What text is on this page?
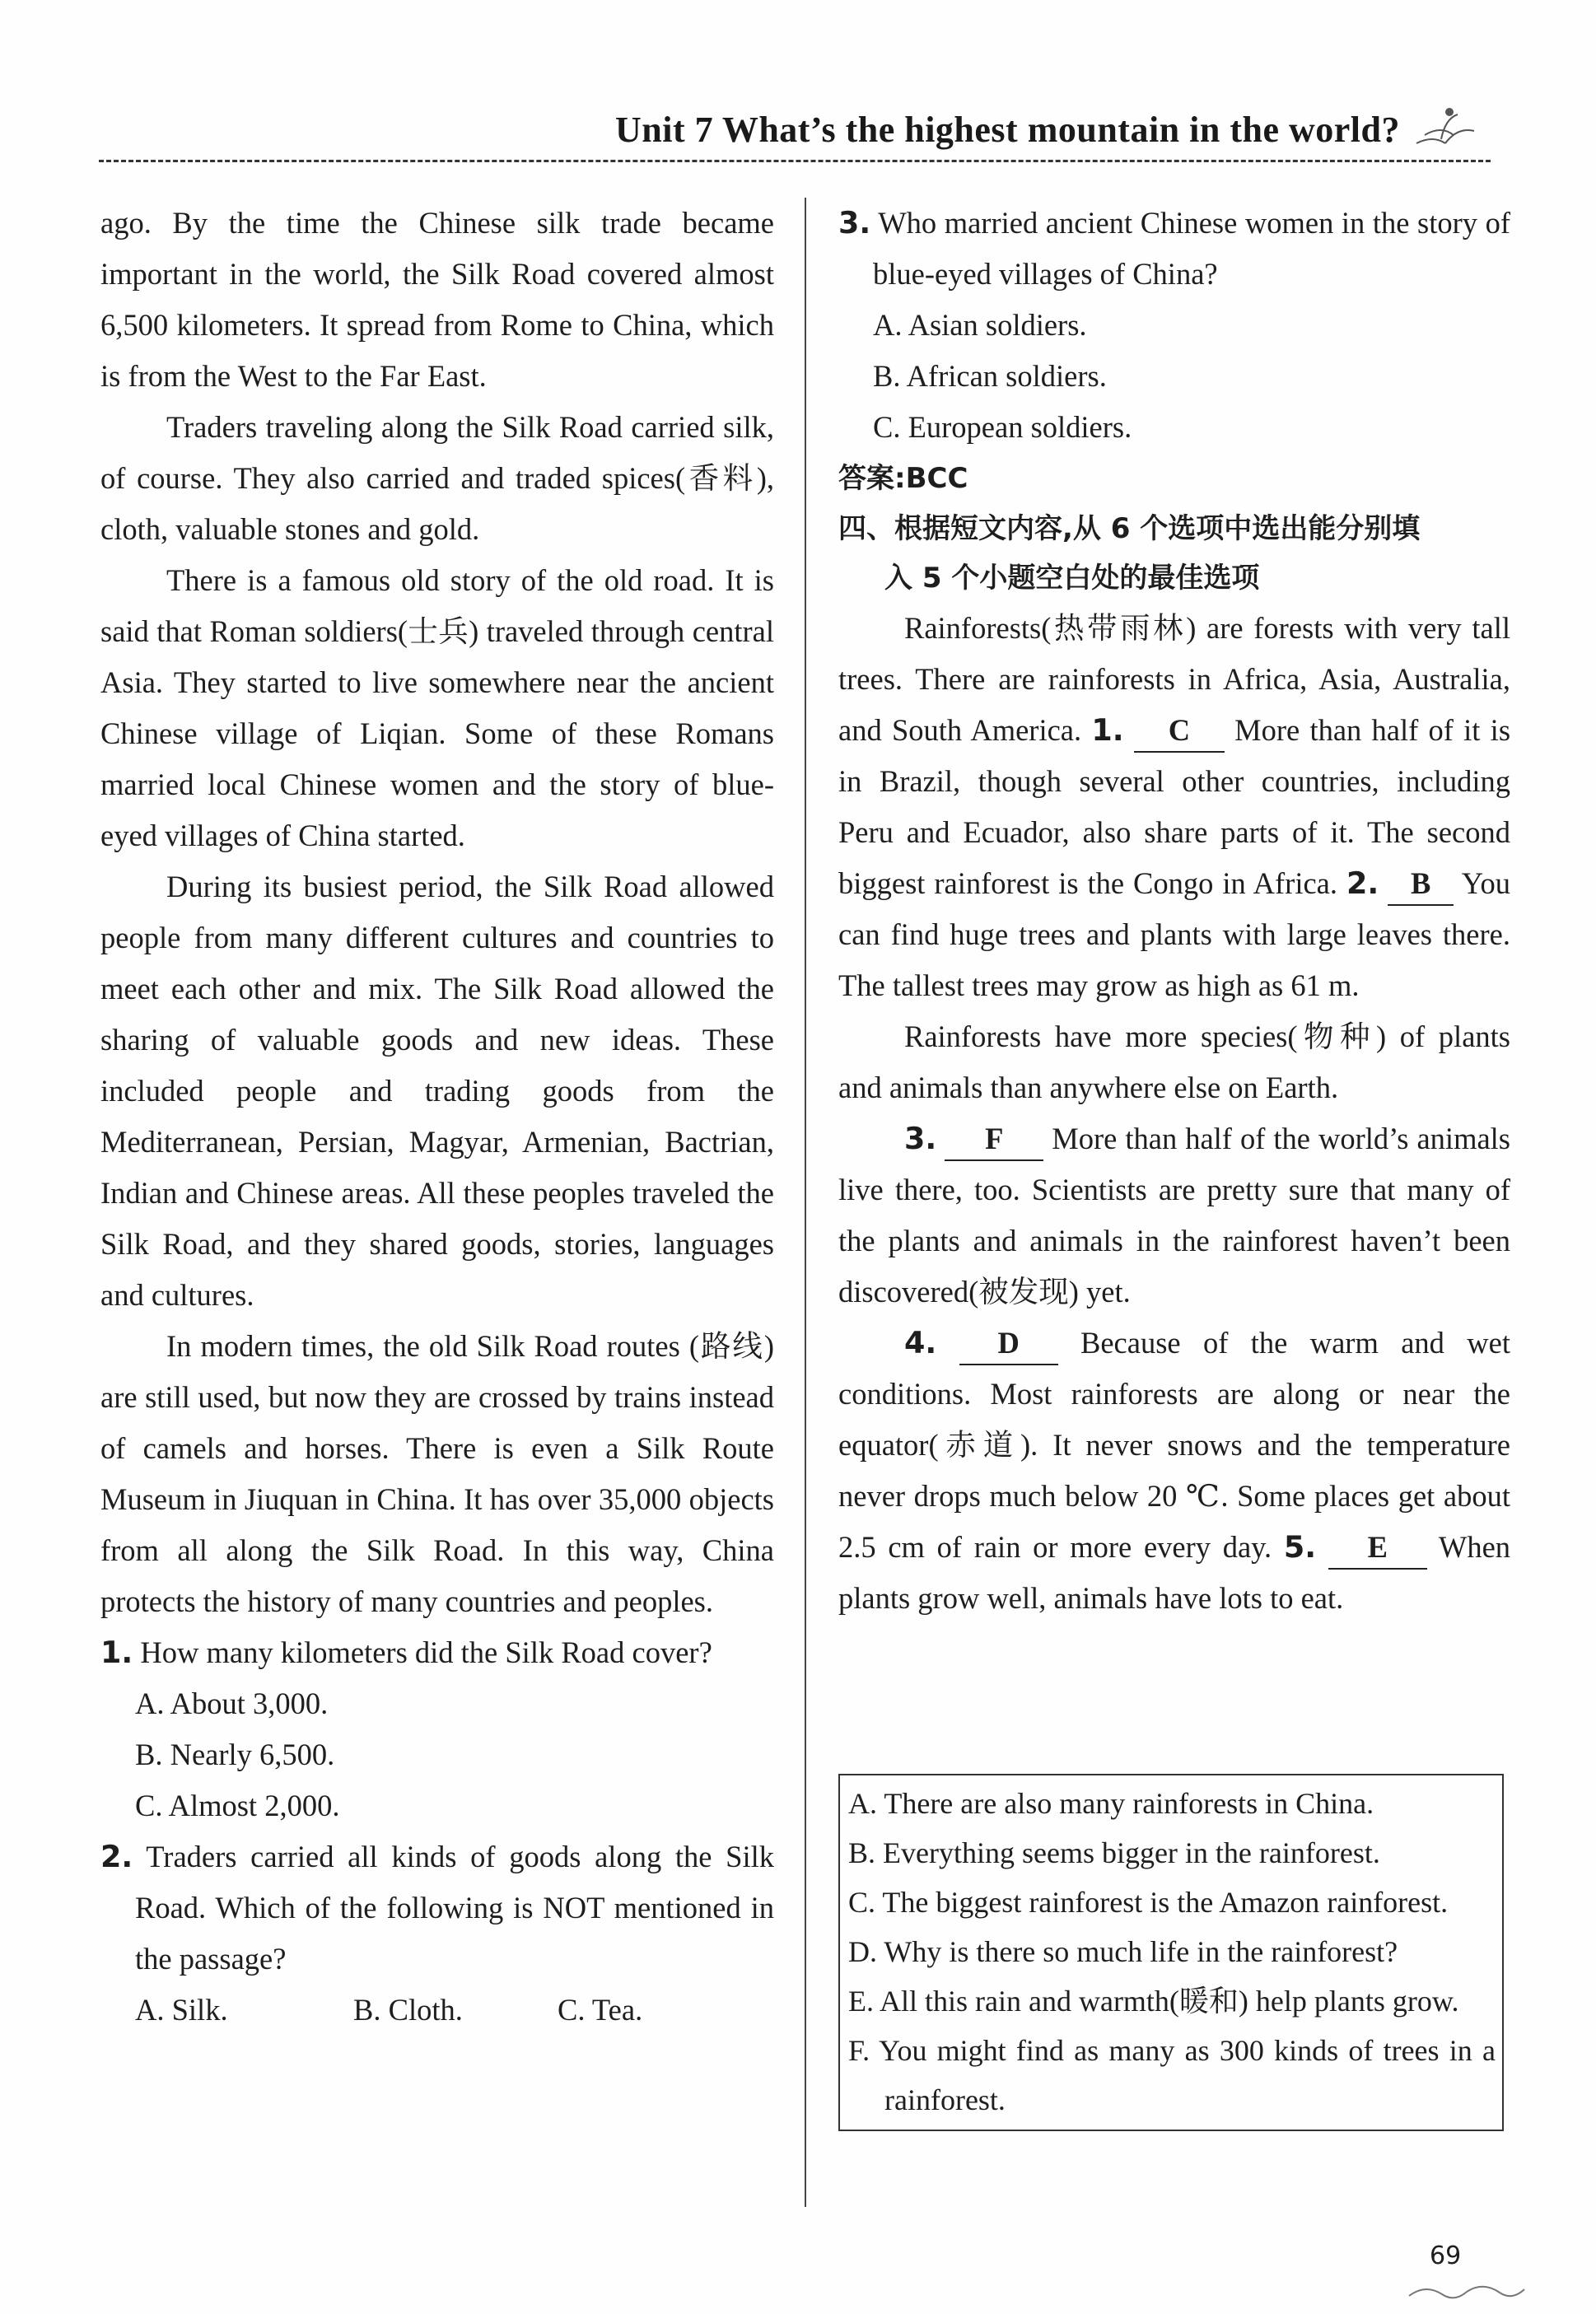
Unit 7 What’s the highest mountain in the world?

ago. By the time the Chinese silk trade became important in the world, the Silk Road covered almost 6,500 kilometers. It spread from Rome to China, which is from the West to the Far East.

Traders traveling along the Silk Road carried silk, of course. They also carried and traded spices(香料), cloth, valuable stones and gold.

There is a famous old story of the old road. It is said that Roman soldiers(士兵) traveled through central Asia. They started to live somewhere near the ancient Chinese village of Liqian. Some of these Romans married local Chinese women and the story of blue-eyed villages of China started.

During its busiest period, the Silk Road allowed people from many different cultures and countries to meet each other and mix. The Silk Road allowed the sharing of valuable goods and new ideas. These included people and trading goods from the Mediterranean, Persian, Magyar, Armenian, Bactrian, Indian and Chinese areas. All these peoples traveled the Silk Road, and they shared goods, stories, languages and cultures.

In modern times, the old Silk Road routes (路线) are still used, but now they are crossed by trains instead of camels and horses. There is even a Silk Route Museum in Jiuquan in China. It has over 35,000 objects from all along the Silk Road. In this way, China protects the history of many countries and peoples.

1. How many kilometers did the Silk Road cover?

A. About 3,000.

B. Nearly 6,500.

C. Almost 2,000.

2. Traders carried all kinds of goods along the Silk Road. Which of the following is NOT mentioned in the passage?

A. Silk.	B. Cloth.	C. Tea.

3. Who married ancient Chinese women in the story of blue-eyed villages of China?

A. Asian soldiers.

B. African soldiers.

C. European soldiers.

答案:BCC

四、根据短文内容,从 6 个选项中选出能分别填
入 5 个小题空白处的最佳选项

Rainforests(热带雨林) are forests with very tall trees. There are rainforests in Africa, Asia, Australia, and South America. 1. C More than half of it is in Brazil, though several other countries, including Peru and Ecuador, also share parts of it. The second biggest rainforest is the Congo in Africa. 2. B You can find huge trees and plants with large leaves there. The tallest trees may grow as high as 61 m.

Rainforests have more species(物种) of plants and animals than anywhere else on Earth.

3. F More than half of the world’s animals live there, too. Scientists are pretty sure that many of the plants and animals in the rainforest haven’t been discovered(被发现) yet.

4. D Because of the warm and wet conditions. Most rainforests are along or near the equator(赤道). It never snows and the temperature never drops much below 20 ℃. Some places get about 2.5 cm of rain or more every day. 5. E When plants grow well, animals have lots to eat.

A. There are also many rainforests in China.
B. Everything seems bigger in the rainforest.
C. The biggest rainforest is the Amazon rainforest.
D. Why is there so much life in the rainforest?
E. All this rain and warmth(暖和) help plants grow.
F. You might find as many as 300 kinds of trees in a rainforest.
69
